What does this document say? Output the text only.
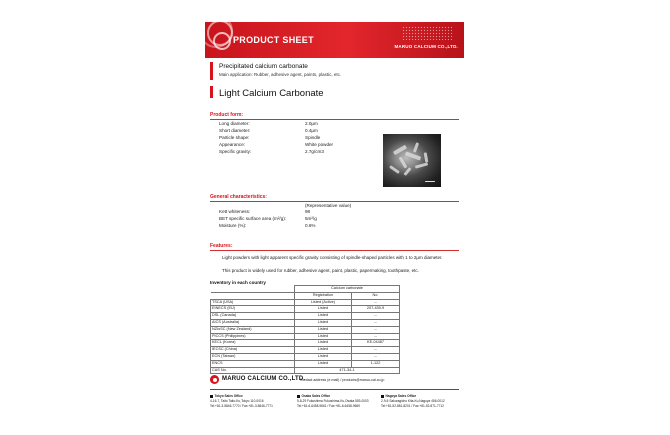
PRODUCT SHEET
MARUO CALCIUM CO.,LTD.
Precipitated calcium carbonate
Main application: Rubber, adhesive agent, paints, plastic, etc.
Light Calcium Carbonate
Product form:
Long diameter:	2.0μm
Short diameter:	0.4μm
Particle shape:	Spindle
Appearance:	White powder
Specific gravity:	2.7g/cm3
General characteristics:
(Representative value)
Kett whiteness:	98
BET specific surface area (m²/g):	5m²/g
Moisture (%):	0.6%
Features:
Light powders with light apparent specific gravity consisting of spindle-shaped particles with 1 to 2μm diameter.
This product is widely used for rubber, adhesive agent, paint, plastic, papermaking, toothpaste, etc.
Inventory in each country
	Calcium carbonate	
	Registration	No.
TSCA (USA)	Listed (Active)	--
EINECS (EU)	Listed	207-439-9
DSL (Canada)	Listed	--
AICS (Australia)	Listed	--
NZIoSC (New Zealand)	Listed	--
PICCS (Philippines)	Listed	--
KECL (Korea)	Listed	KE-04487
IECSC (China)	Listed	--
ECN (Taiwan)	Listed	--
ENCS	Listed	1-122
CAS No.	471-34-1	
MARUO CALCIUM CO.,LTD.
Contact address (e-mail) / products@maruo-cal.co.jp
Tokyo Sales Office
4-16-7, Taito Taito-Ku,Tokyo 110-0016
Tel:+81-3-5846-7770 / Fax:+81-3-5846-7771
Osaka Sales Office
5-8-29 Fukushima Fukushima-Ku,Osaka 553-0003
Tel:+81-6-6458-9661 / Fax:+81-6-6458-9669
Nagoya Sales Office
2-9-6 Sakuragicho Kita-Ku,Nagoya 456-0012
Tel:+81-52-881-8201 / Fax:+81-52-871-7712
